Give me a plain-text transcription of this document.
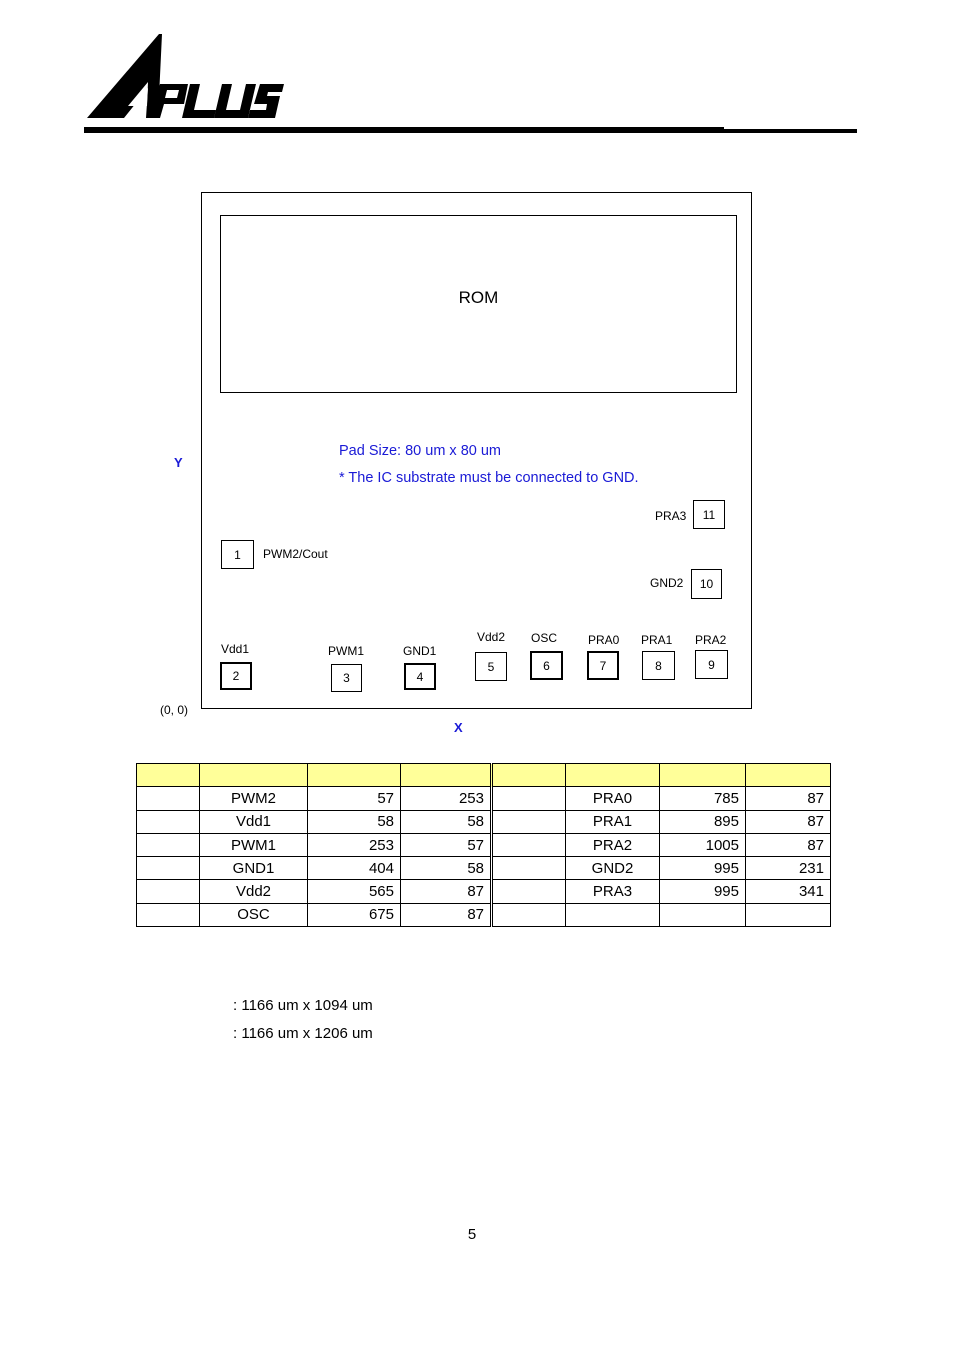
ROM
Pad Size: 80 um x 80 um
* The IC substrate must be connected to GND.
Y
X
(0, 0)
1	PWM2/Cout
Vdd1
2
PWM1
3
GND1
4
Vdd2
5
OSC
6
PRA0
7
PRA1
8
PRA2
9
GND2	10
PRA3	11

	PWM2	57	253		PRA0	785	87
	Vdd1	58	58		PRA1	895	87
	PWM1	253	57		PRA2	1005	87
	GND1	404	58		GND2	995	231
	Vdd2	565	87		PRA3	995	341
	OSC	675	87				
: 1166 um x 1094 um
: 1166 um x 1206 um
5
